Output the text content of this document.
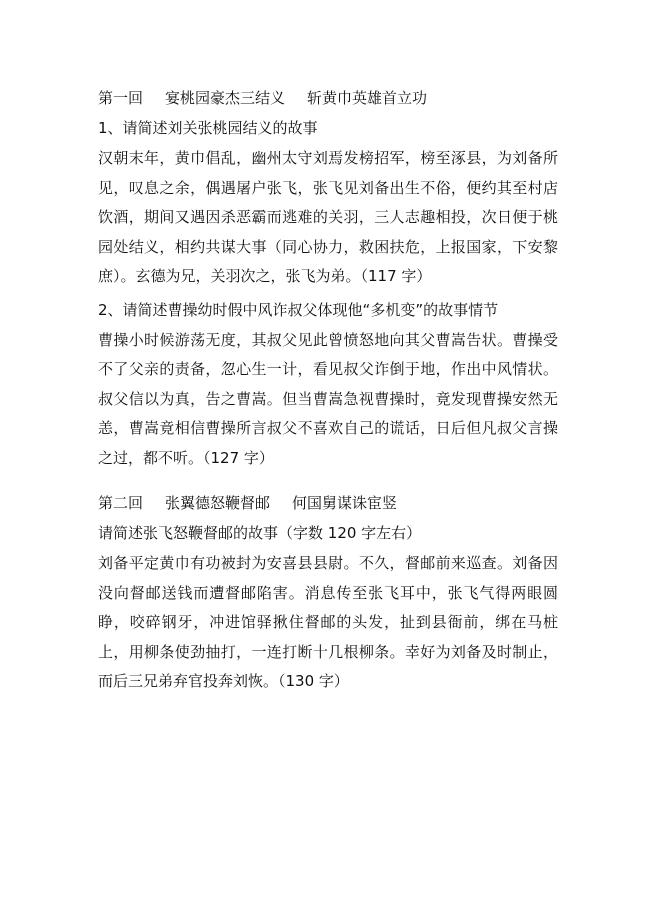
第一回 宴桃园豪杰三结义 斩黄巾英雄首立功

1、请简述刘关张桃园结义的故事

汉朝末年，黄巾倡乱，幽州太守刘焉发榜招军，榜至涿县，为刘备所见，叹息之余，偶遇屠户张飞，张飞见刘备出生不俗，便约其至村店饮酒，期间又遇因杀恶霸而逃难的关羽，三人志趣相投，次日便于桃园处结义，相约共谋大事（同心协力，救困扶危，上报国家，下安黎庶）。玄德为兄，关羽次之，张飞为弟。（117 字）

2、请简述曹操幼时假中风诈叔父体现他“多机变”的故事情节

曹操小时候游荡无度，其叔父见此曾愤怒地向其父曹嵩告状。曹操受不了父亲的责备，忽心生一计，看见叔父诈倒于地，作出中风情状。叔父信以为真，告之曹嵩。但当曹嵩急视曹操时，竟发现曹操安然无恙，曹嵩竟相信曹操所言叔父不喜欢自己的谎话，日后但凡叔父言操之过，都不听。（127 字）

第二回 张翼德怒鞭督邮 何国舅谋诛宦竖

请简述张飞怒鞭督邮的故事（字数 120 字左右）

刘备平定黄巾有功被封为安喜县县尉。不久，督邮前来巡查。刘备因没向督邮送钱而遭督邮陷害。消息传至张飞耳中，张飞气得两眼圆睁，咬碎钢牙，冲进馆驿揪住督邮的头发，扯到县衙前，绑在马桩上，用柳条使劲抽打，一连打断十几根柳条。幸好为刘备及时制止，而后三兄弟弃官投奔刘恢。（130 字）
